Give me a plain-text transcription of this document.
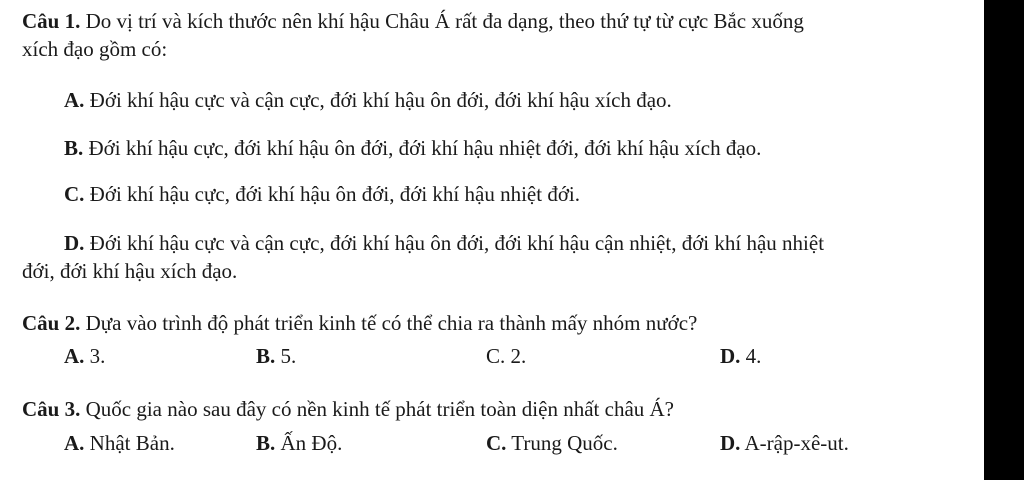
Câu 1. Do vị trí và kích thước nên khí hậu Châu Á rất đa dạng, theo thứ tự từ cực Bắc xuống
xích đạo gồm có:
A. Đới khí hậu cực và cận cực, đới khí hậu ôn đới, đới khí hậu xích đạo.
B. Đới khí hậu cực, đới khí hậu ôn đới, đới khí hậu nhiệt đới, đới khí hậu xích đạo.
C. Đới khí hậu cực, đới khí hậu ôn đới, đới khí hậu nhiệt đới.
D. Đới khí hậu cực và cận cực, đới khí hậu ôn đới, đới khí hậu cận nhiệt, đới khí hậu nhiệt
đới, đới khí hậu xích đạo.
Câu 2. Dựa vào trình độ phát triển kinh tế có thể chia ra thành mấy nhóm nước?
A. 3.	B. 5.	C. 2.	D. 4.
Câu 3. Quốc gia nào sau đây có nền kinh tế phát triển toàn diện nhất châu Á?
A. Nhật Bản.	B. Ấn Độ.	C. Trung Quốc.	D. A-rập-xê-ut.
